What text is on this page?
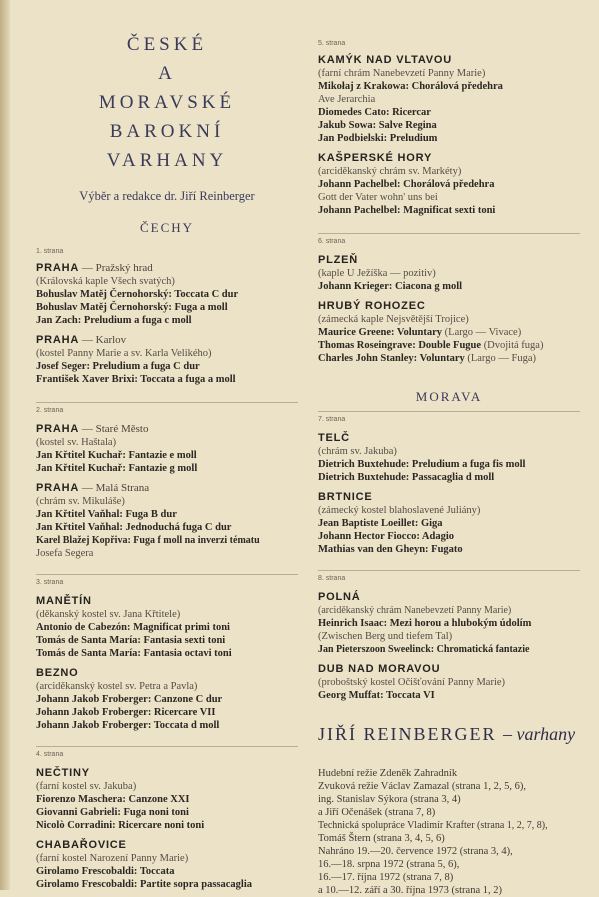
ČESKÉ
A
MORAVSKÉ
BAROKNÍ
VARHANY
Výběr a redakce dr. Jiří Reinberger
ČECHY
1. strana
PRAHA — Pražský hrad
(Královská kaple Všech svatých)
Bohuslav Matěj Černohorský: Toccata C dur
Bohuslav Matěj Černohorský: Fuga a moll
Jan Zach: Preludium a fuga c moll
PRAHA — Karlov
(kostel Panny Marie a sv. Karla Velikého)
Josef Seger: Preludium a fuga C dur
František Xaver Brixi: Toccata a fuga a moll
2. strana
PRAHA — Staré Město
(kostel sv. Haštala)
Jan Křtitel Kuchař: Fantazie e moll
Jan Křtitel Kuchař: Fantazie g moll
PRAHA — Malá Strana
(chrám sv. Mikuláše)
Jan Křtitel Vaňhal: Fuga B dur
Jan Křtitel Vaňhal: Jednoduchá fuga C dur
Karel Blažej Kopřiva: Fuga f moll na inverzi tématu
Josefa Segera
3. strana
MANĚTÍN
(děkanský kostel sv. Jana Křtitele)
Antonio de Cabezón: Magnificat primi toni
Tomás de Santa María: Fantasia sexti toni
Tomás de Santa María: Fantasia octavi toni
BEZNO
(arciděkanský kostel sv. Petra a Pavla)
Johann Jakob Froberger: Canzone C dur
Johann Jakob Froberger: Ricercare VII
Johann Jakob Froberger: Toccata d moll
4. strana
NEČTINY
(farní kostel sv. Jakuba)
Fiorenzo Maschera: Canzone XXI
Giovanni Gabrieli: Fuga noni toni
Nicolò Corradini: Ricercare noni toni
CHABAŘOVICE
(farní kostel Narození Panny Marie)
Girolamo Frescobaldi: Toccata
Girolamo Frescobaldi: Partite sopra passacaglia
5. strana
KAMÝK NAD VLTAVOU
(farní chrám Nanebevzetí Panny Marie)
Mikołaj z Krakowa: Chorálová předehra
Ave Jerarchia
Diomedes Cato: Ricercar
Jakub Sowa: Salve Regina
Jan Podbielski: Preludium
KAŠPERSKÉ HORY
(arciděkanský chrám sv. Markéty)
Johann Pachelbel: Chorálová předehra
Gott der Vater wohn' uns bei
Johann Pachelbel: Magnificat sexti toni
6. strana
PLZEŇ
(kaple U Ježíška — pozitiv)
Johann Krieger: Ciacona g moll
HRUBÝ ROHOZEC
(zámecká kaple Nejsvětější Trojice)
Maurice Greene: Voluntary (Largo — Vivace)
Thomas Roseingrave: Double Fugue (Dvojitá fuga)
Charles John Stanley: Voluntary (Largo — Fuga)
MORAVA
7. strana
TELČ
(chrám sv. Jakuba)
Dietrich Buxtehude: Preludium a fuga fis moll
Dietrich Buxtehude: Passacaglia d moll
BRTNICE
(zámecký kostel blahoslavené Juliány)
Jean Baptiste Loeillet: Giga
Johann Hector Fiocco: Adagio
Mathias van den Gheyn: Fugato
8. strana
POLNÁ
(arciděkanský chrám Nanebevzetí Panny Marie)
Heinrich Isaac: Mezi horou a hlubokým údolím
(Zwischen Berg und tiefem Tal)
Jan Pieterszoon Sweelinck: Chromatická fantazie
DUB NAD MORAVOU
(proboštský kostel Očišťování Panny Marie)
Georg Muffat: Toccata VI
JIŘÍ REINBERGER – varhany
Hudební režie Zdeněk Zahradník
Zvuková režie Václav Zamazal (strana 1, 2, 5, 6),
ing. Stanislav Sýkora (strana 3, 4)
a Jiří Očenášek (strana 7, 8)
Technická spolupráce Vladimír Krafter (strana 1, 2, 7, 8),
Tomáš Štern (strana 3, 4, 5, 6)
Nahráno 19.—20. července 1972 (strana 3, 4),
16.—18. srpna 1972 (strana 5, 6),
16.—17. října 1972 (strana 7, 8)
a 10.—12. září a 30. října 1973 (strana 1, 2)
